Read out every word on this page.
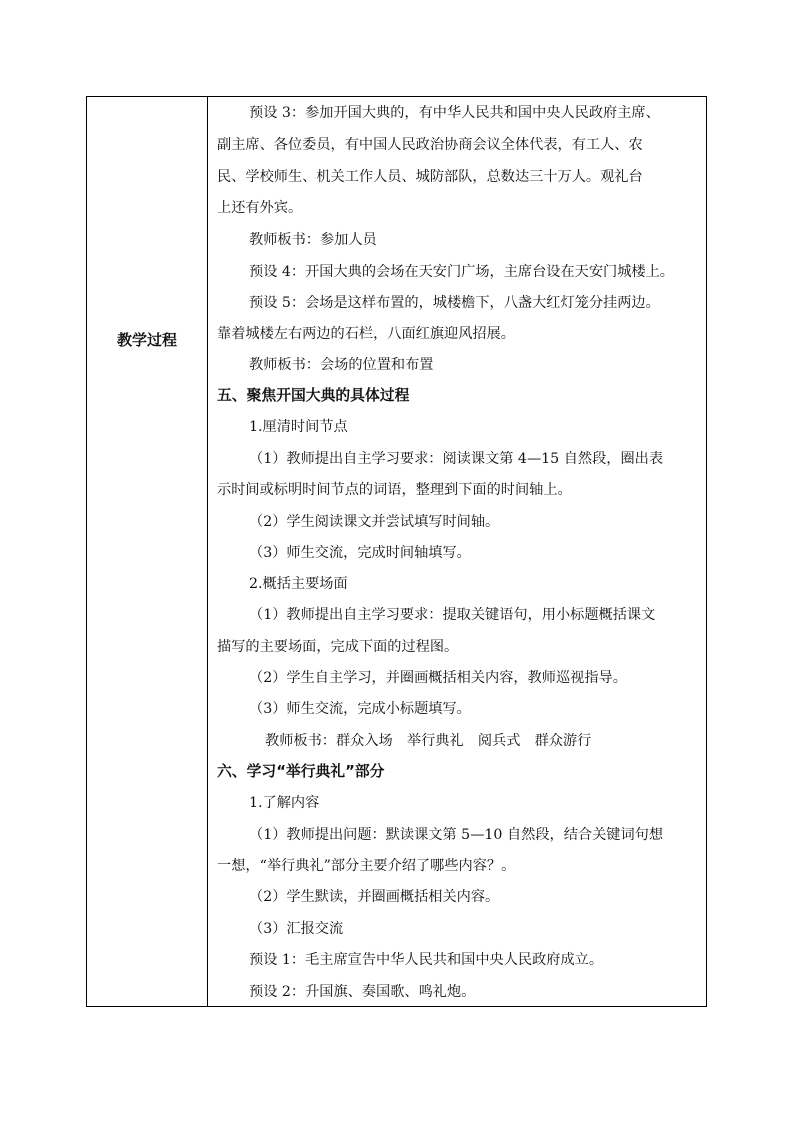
教学过程
预设 3：参加开国大典的，有中华人民共和国中央人民政府主席、
副主席、各位委员，有中国人民政治协商会议全体代表，有工人、农
民、学校师生、机关工作人员、城防部队，总数达三十万人。观礼台
上还有外宾。
教师板书：参加人员
预设 4：开国大典的会场在天安门广场，主席台设在天安门城楼上。
预设 5：会场是这样布置的，城楼檐下，八盏大红灯笼分挂两边。
靠着城楼左右两边的石栏，八面红旗迎风招展。
教师板书：会场的位置和布置
五、聚焦开国大典的具体过程
1.厘清时间节点
（1）教师提出自主学习要求：阅读课文第 4—15 自然段，圈出表
示时间或标明时间节点的词语，整理到下面的时间轴上。
（2）学生阅读课文并尝试填写时间轴。
（3）师生交流，完成时间轴填写。
2.概括主要场面
（1）教师提出自主学习要求：提取关键语句，用小标题概括课文
描写的主要场面，完成下面的过程图。
（2）学生自主学习，并圈画概括相关内容，教师巡视指导。
（3）师生交流，完成小标题填写。
教师板书：群众入场　举行典礼　阅兵式　群众游行
六、学习“举行典礼”部分
1.了解内容
（1）教师提出问题：默读课文第 5—10 自然段，结合关键词句想
一想，“举行典礼”部分主要介绍了哪些内容？。
（2）学生默读，并圈画概括相关内容。
（3）汇报交流
预设 1：毛主席宣告中华人民共和国中央人民政府成立。
预设 2：升国旗、奏国歌、鸣礼炮。
